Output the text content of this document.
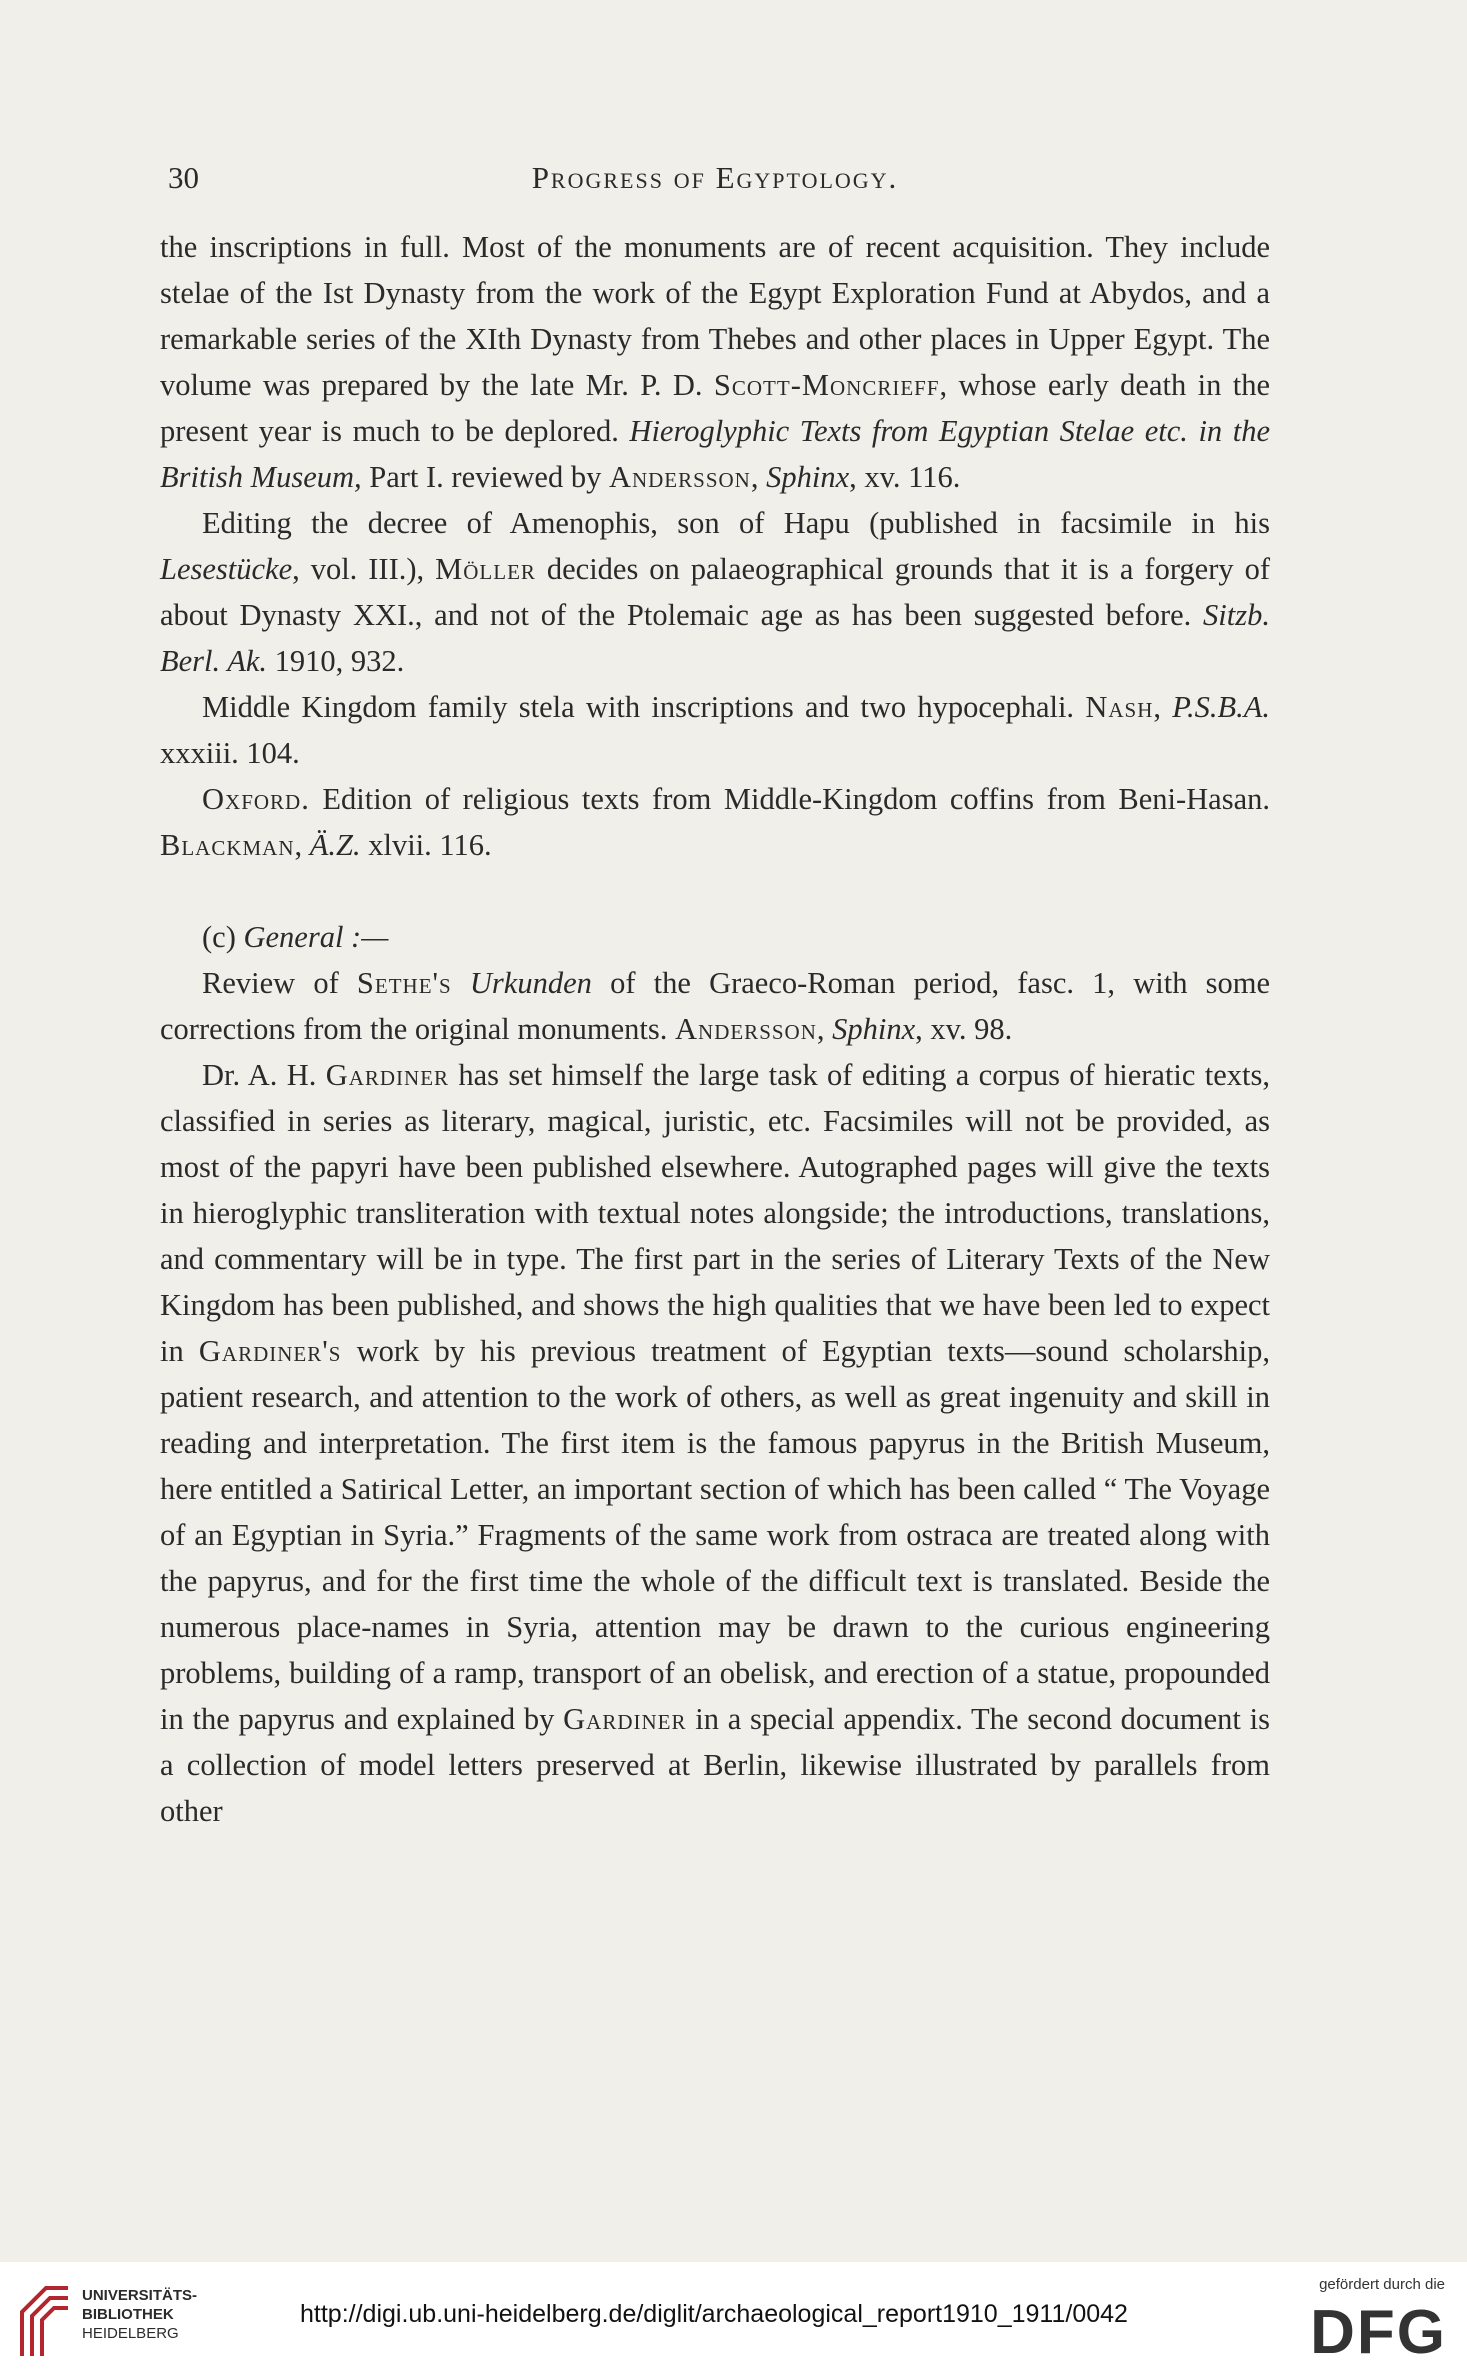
30	Progress of Egyptology.

the inscriptions in full. Most of the monuments are of recent acquisition. They include stelae of the Ist Dynasty from the work of the Egypt Exploration Fund at Abydos, and a remarkable series of the XIth Dynasty from Thebes and other places in Upper Egypt. The volume was prepared by the late Mr. P. D. Scott-Moncrieff, whose early death in the present year is much to be deplored. Hieroglyphic Texts from Egyptian Stelae etc. in the British Museum, Part I. reviewed by Andersson, Sphinx, xv. 116.

Editing the decree of Amenophis, son of Hapu (published in facsimile in his Lesestücke, vol. III.), Möller decides on palaeographical grounds that it is a forgery of about Dynasty XXI., and not of the Ptolemaic age as has been suggested before. Sitzb. Berl. Ak. 1910, 932.

Middle Kingdom family stela with inscriptions and two hypocephali. Nash, P.S.B.A. xxxiii. 104.

Oxford. Edition of religious texts from Middle-Kingdom coffins from Beni-Hasan. Blackman, Ä.Z. xlvii. 116.

(c) General :—

Review of Sethe's Urkunden of the Graeco-Roman period, fasc. 1, with some corrections from the original monuments. Andersson, Sphinx, xv. 98.

Dr. A. H. Gardiner has set himself the large task of editing a corpus of hieratic texts, classified in series as literary, magical, juristic, etc. Facsimiles will not be provided, as most of the papyri have been published elsewhere. Autographed pages will give the texts in hieroglyphic transliteration with textual notes alongside; the introductions, translations, and commentary will be in type. The first part in the series of Literary Texts of the New Kingdom has been published, and shows the high qualities that we have been led to expect in Gardiner's work by his previous treatment of Egyptian texts—sound scholarship, patient research, and attention to the work of others, as well as great ingenuity and skill in reading and interpretation. The first item is the famous papyrus in the British Museum, here entitled a Satirical Letter, an important section of which has been called “ The Voyage of an Egyptian in Syria.” Fragments of the same work from ostraca are treated along with the papyrus, and for the first time the whole of the difficult text is translated. Beside the numerous place-names in Syria, attention may be drawn to the curious engineering problems, building of a ramp, transport of an obelisk, and erection of a statue, propounded in the papyrus and explained by Gardiner in a special appendix. The second document is a collection of model letters preserved at Berlin, likewise illustrated by parallels from other

UNIVERSITÄTS-
BIBLIOTHEK
HEIDELBERG
http://digi.ub.uni-heidelberg.de/diglit/archaeological_report1910_1911/0042
gefördert durch die
DFG
